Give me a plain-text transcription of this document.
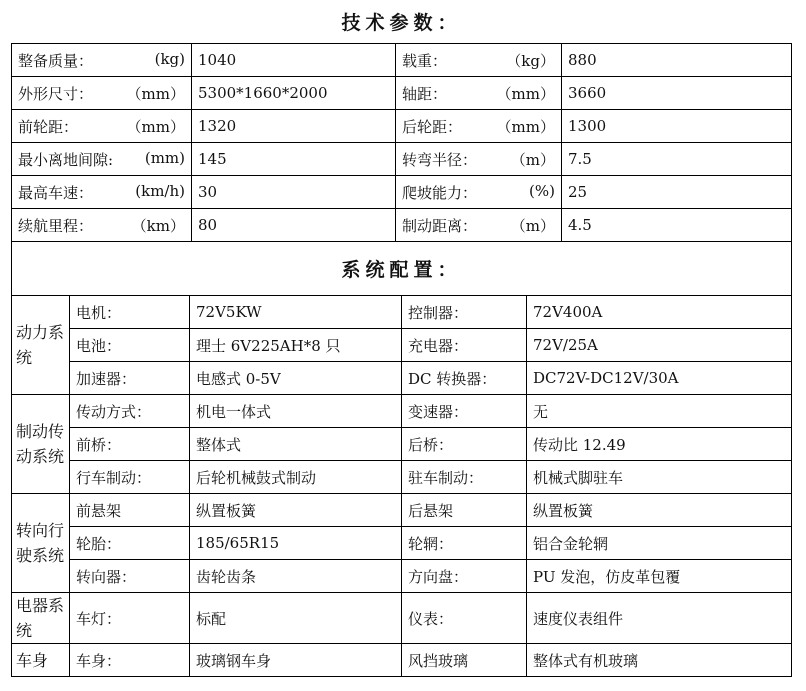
技术参数：			

整备质量： (kg)	1040	载重： （kg）	880

外形尺寸： （mm）	5300*1660*2000	轴距： （mm）	3660

前轮距： （mm）	1320	后轮距： （mm）	1300

最小离地间隙: (mm)	145	转弯半径： （m）	7.5

最高车速： (km/h)	30	爬坡能力： (%)	25

续航里程： （km）	80	制动距离： （m）	4.5
系统配置：			
动力系统	电机：	72V5KW	控制器：	72V400A
	电池：	理士 6V225AH*8 只	充电器：	72V/25A
	加速器：	电感式 0-5V	DC 转换器：	DC72V-DC12V/30A
制动传动系统	传动方式：	机电一体式	变速器：	无
	前桥：	整体式	后桥：	传动比 12.49
	行车制动：	后轮机械鼓式制动	驻车制动：	机械式脚驻车
转向行驶系统	前悬架	纵置板簧	后悬架	纵置板簧
	轮胎：	185/65R15	轮辋：	铝合金轮辋
	转向器：	齿轮齿条	方向盘：	PU 发泡，仿皮革包覆
电器系统	车灯：	标配	仪表：	速度仪表组件
车身	车身：	玻璃钢车身	风挡玻璃	整体式有机玻璃
